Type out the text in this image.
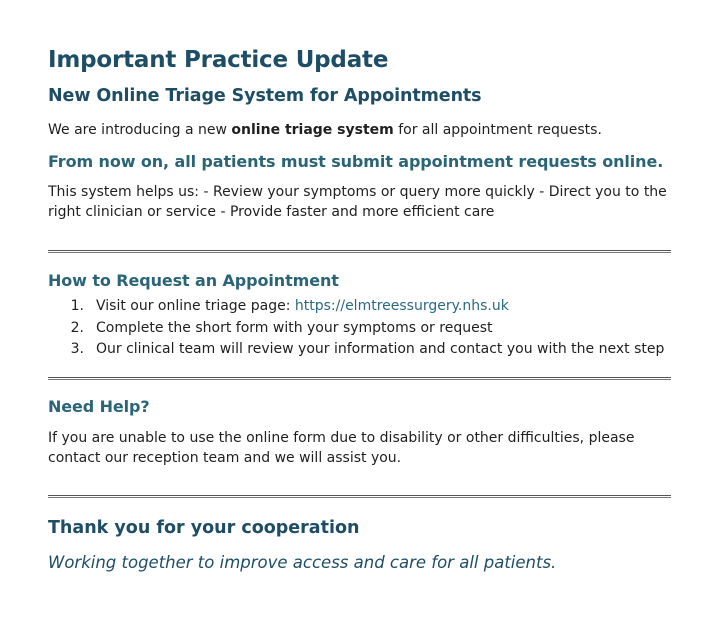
Important Practice Update
New Online Triage System for Appointments

We are introducing a new online triage system for all appointment requests.

From now on, all patients must submit appointment requests online.

This system helps us: - Review your symptoms or query more quickly - Direct you to the right clinician or service - Provide faster and more efficient care

How to Request an Appointment
1. Visit our online triage page: https://elmtreessurgery.nhs.uk
2. Complete the short form with your symptoms or request
3. Our clinical team will review your information and contact you with the next step
Need Help?

If you are unable to use the online form due to disability or other difficulties, please contact our reception team and we will assist you.

Thank you for your cooperation

Working together to improve access and care for all patients.
